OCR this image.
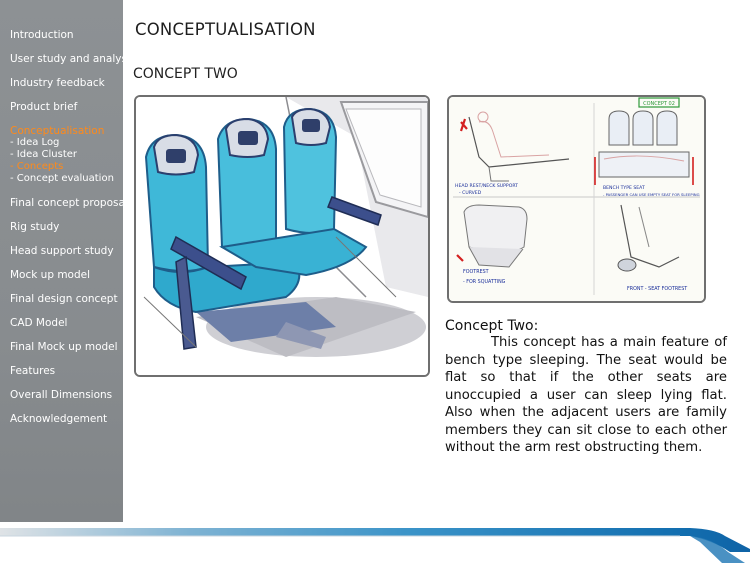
Introduction
User study and analysis
Industry feedback
Product brief
Conceptualisation
- Idea Log
- Idea Cluster
- Concepts
- Concept evaluation
Final concept proposal
Rig study
Head support study
Mock up model
Final design concept
CAD Model
Final Mock up model
Features
Overall Dimensions
Acknowledgement
CONCEPTUALISATION
CONCEPT TWO
CONCEPT 02
HEAD REST/NECK SUPPORT
- CURVED
BENCH TYPE SEAT
- PASSENGER CAN USE EMPTY SEAT FOR SLEEPING
FOOTREST
- FOR SQUATTING
FRONT - SEAT FOOTREST
Concept Two:
This concept has a main feature of bench type sleeping. The seat would be flat so that if the other seats are unoccupied a user can sleep lying flat. Also when the adjacent users are family members they can sit close to each other without the arm rest obstructing them.
